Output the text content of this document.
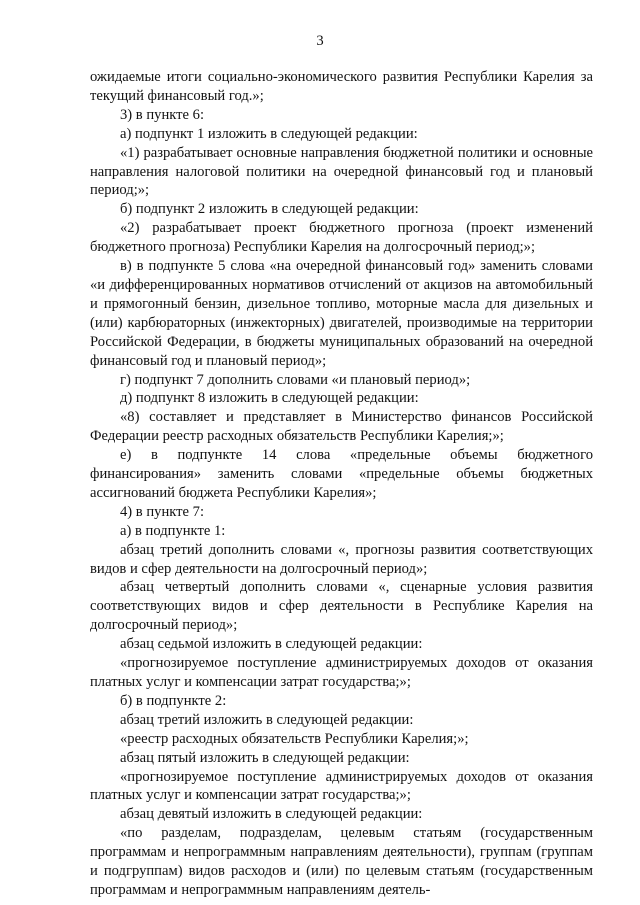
3

ожидаемые итоги социально-экономического развития Республики Карелия за текущий финансовый год.»;

3) в пункте 6:

а) подпункт 1 изложить в следующей редакции:

«1) разрабатывает основные направления бюджетной политики и основные направления налоговой политики на очередной финансовый год и плановый период;»;

б) подпункт 2 изложить в следующей редакции:

«2) разрабатывает проект бюджетного прогноза (проект изменений бюджетного прогноза) Республики Карелия на долгосрочный период;»;

в) в подпункте 5 слова «на очередной финансовый год» заменить словами «и дифференцированных нормативов отчислений от акцизов на автомобильный и прямогонный бензин, дизельное топливо, моторные масла для дизельных и (или) карбюраторных (инжекторных) двигателей, производимые на территории Российской Федерации, в бюджеты муниципальных образований на очередной финансовый год и плановый период»;

г) подпункт 7 дополнить словами «и плановый период»;

д) подпункт 8 изложить в следующей редакции:

«8) составляет и представляет в Министерство финансов Российской Федерации реестр расходных обязательств Республики Карелия;»;

е) в подпункте 14 слова «предельные объемы бюджетного финансирования» заменить словами «предельные объемы бюджетных ассигнований бюджета Республики Карелия»;

4) в пункте 7:

а) в подпункте 1:

абзац третий дополнить словами «, прогнозы развития соответствующих видов и сфер деятельности на долгосрочный период»;

абзац четвертый дополнить словами «, сценарные условия развития соответствующих видов и сфер деятельности в Республике Карелия на долгосрочный период»;

абзац седьмой изложить в следующей редакции:

«прогнозируемое поступление администрируемых доходов от оказания платных услуг и компенсации затрат государства;»;

б) в подпункте 2:

абзац третий изложить в следующей редакции:

«реестр расходных обязательств Республики Карелия;»;

абзац пятый изложить в следующей редакции:

«прогнозируемое поступление администрируемых доходов от оказания платных услуг и компенсации затрат государства;»;

абзац девятый изложить в следующей редакции:

«по разделам, подразделам, целевым статьям (государственным программам и непрограммным направлениям деятельности), группам (группам и подгруппам) видов расходов и (или) по целевым статьям (государственным программам и непрограммным направлениям деятель-
